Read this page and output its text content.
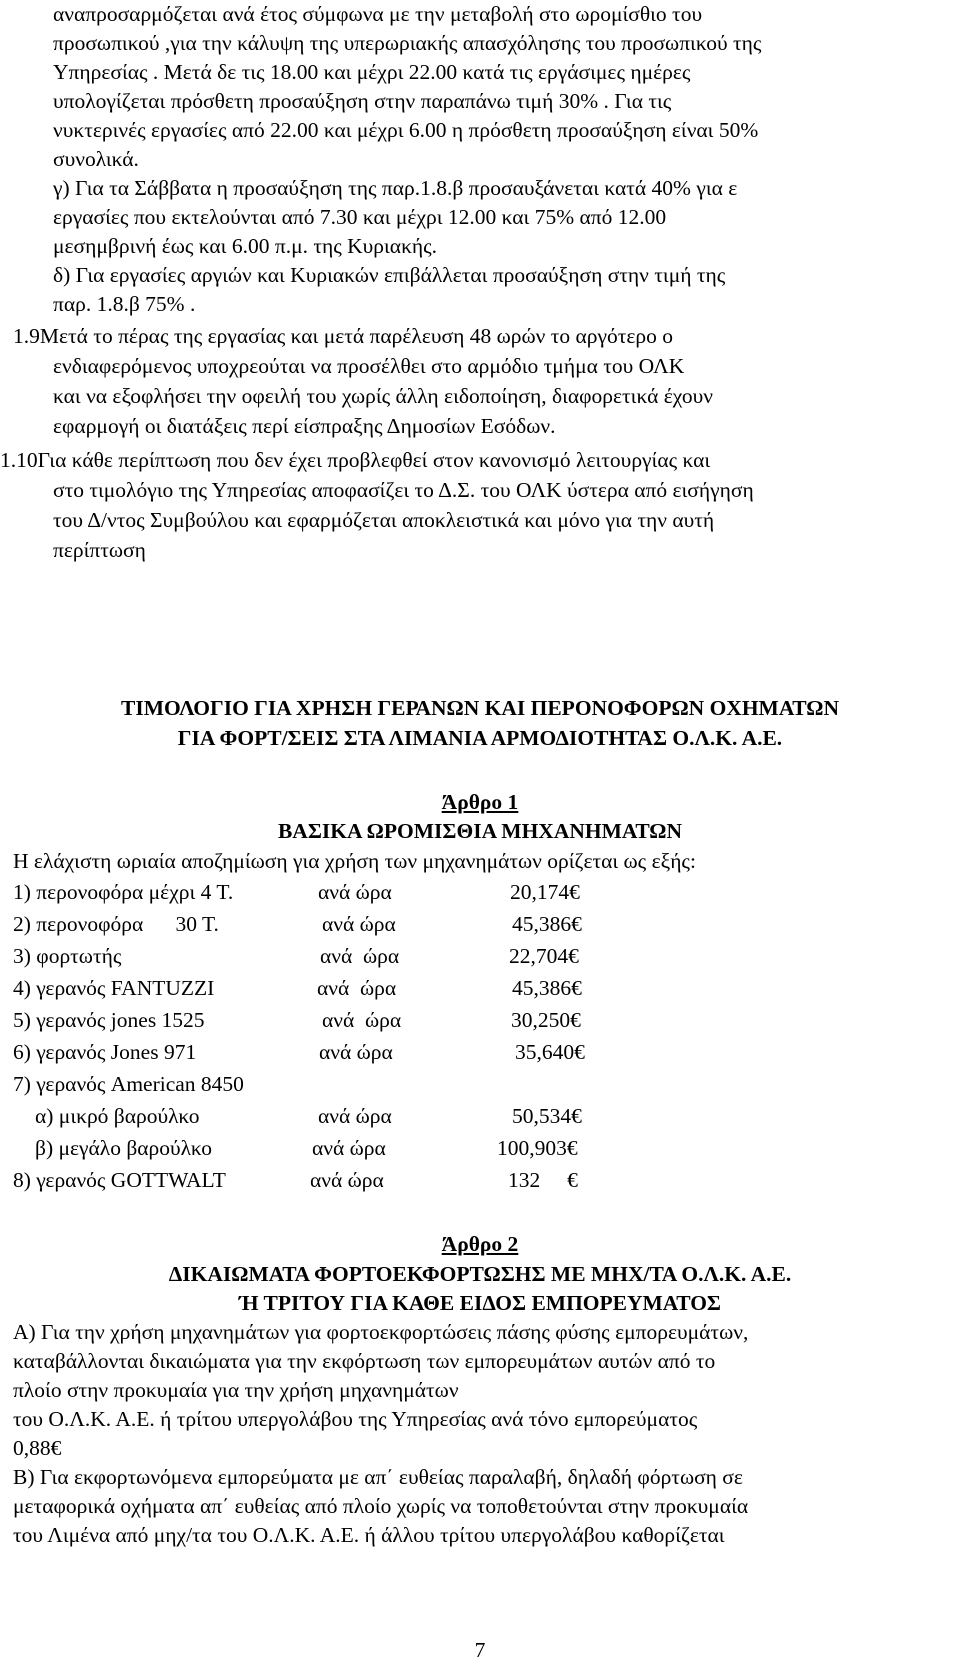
αναπροσαρμόζεται ανά έτος σύμφωνα με την μεταβολή στο ωρομίσθιο του
προσωπικού ,για την κάλυψη της υπερωριακής απασχόλησης του προσωπικού της
Υπηρεσίας . Μετά δε τις 18.00 και μέχρι 22.00 κατά τις εργάσιμες ημέρες
υπολογίζεται πρόσθετη προσαύξηση στην παραπάνω τιμή 30% . Για τις
νυκτερινές εργασίες από 22.00 και μέχρι 6.00 η πρόσθετη προσαύξηση είναι 50%
συνολικά.
γ) Για τα Σάββατα η προσαύξηση της παρ.1.8.β προσαυξάνεται κατά 40% για ε
εργασίες που εκτελούνται από 7.30 και μέχρι 12.00 και 75% από 12.00
μεσημβρινή έως και 6.00 π.μ. της Κυριακής.
δ) Για εργασίες αργιών και Κυριακών επιβάλλεται προσαύξηση στην τιμή της
παρ. 1.8.β 75% .
1.9Μετά το πέρας της εργασίας και μετά παρέλευση 48 ωρών το αργότερο ο
ενδιαφερόμενος υποχρεούται να προσέλθει στο αρμόδιο τμήμα του ΟΛΚ
και να εξοφλήσει την οφειλή του χωρίς άλλη ειδοποίηση, διαφορετικά έχουν
εφαρμογή οι διατάξεις περί είσπραξης Δημοσίων Εσόδων.
1.10Για κάθε περίπτωση που δεν έχει προβλεφθεί στον κανονισμό λειτουργίας και
στο τιμολόγιο της Υπηρεσίας αποφασίζει το Δ.Σ. του ΟΛΚ ύστερα από εισήγηση
του Δ/ντος Συμβούλου και εφαρμόζεται αποκλειστικά και μόνο για την αυτή
περίπτωση
ΤΙΜΟΛΟΓΙΟ ΓΙΑ ΧΡΗΣΗ ΓΕΡΑΝΩΝ ΚΑΙ ΠΕΡΟΝΟΦΟΡΩΝ ΟΧΗΜΑΤΩΝ
ΓΙΑ ΦΟΡΤ/ΣΕΙΣ ΣΤΑ ΛΙΜΑΝΙΑ ΑΡΜΟΔΙΟΤΗΤΑΣ Ο.Λ.Κ. Α.Ε.
Άρθρο 1
ΒΑΣΙΚΑ ΩΡΟΜΙΣΘΙΑ ΜΗΧΑΝΗΜΑΤΩΝ
Η ελάχιστη ωριαία αποζημίωση για χρήση των μηχανημάτων ορίζεται ως εξής:
1) περονοφόρα μέχρι 4 Τ.	ανά ώρα	20,174€
2) περονοφόρα      30 Τ.	ανά ώρα	45,386€
3) φορτωτής	ανά  ώρα	22,704€
4) γερανός FANTUZZI	ανά  ώρα	45,386€
5) γερανός jones 1525	ανά  ώρα	30,250€
6) γερανός Jones 971	ανά ώρα	35,640€
7) γερανός American 8450
α) μικρό βαρούλκο	ανά ώρα	50,534€
β) μεγάλο βαρούλκο	ανά ώρα	100,903€
8) γερανός GOTTWALT	ανά ώρα	132     €
Άρθρο 2
ΔΙΚΑΙΩΜΑΤΑ ΦΟΡΤΟΕΚΦΟΡΤΩΣΗΣ ΜΕ ΜΗΧ/ΤΑ Ο.Λ.Κ. Α.Ε.
Ή ΤΡΙΤΟΥ ΓΙΑ ΚΑΘΕ ΕΙΔΟΣ ΕΜΠΟΡΕΥΜΑΤΟΣ
Α) Για την χρήση μηχανημάτων για φορτοεκφορτώσεις πάσης φύσης εμπορευμάτων,
καταβάλλονται δικαιώματα για την εκφόρτωση των εμπορευμάτων αυτών από το
πλοίο στην προκυμαία για την χρήση μηχανημάτων
του Ο.Λ.Κ. Α.Ε. ή τρίτου υπεργολάβου της Υπηρεσίας ανά τόνο εμπορεύματος
0,88€
Β) Για εκφορτωνόμενα εμπορεύματα με απ΄ ευθείας παραλαβή, δηλαδή φόρτωση σε
μεταφορικά οχήματα απ΄ ευθείας από πλοίο χωρίς να τοποθετούνται στην προκυμαία
του Λιμένα από μηχ/τα του Ο.Λ.Κ. Α.Ε. ή άλλου τρίτου υπεργολάβου καθορίζεται
7
